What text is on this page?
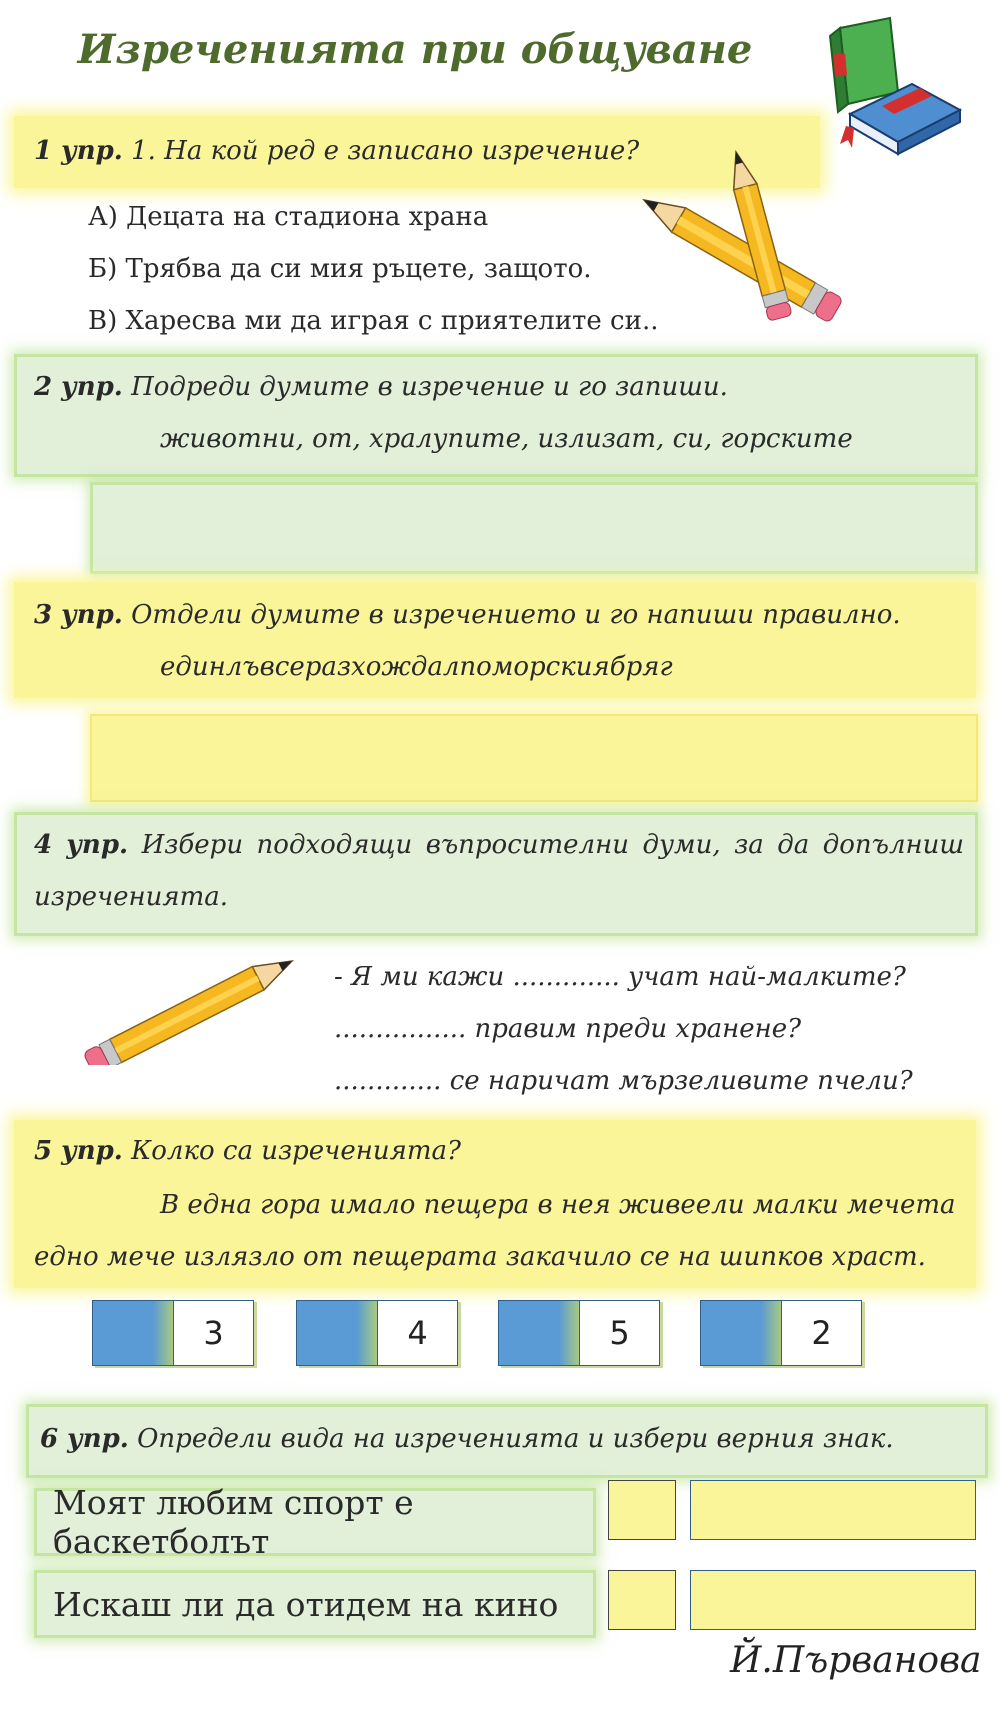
Изреченията при общуване
1 упр. 1. На кой ред е записано изречение?
А) Децата на стадиона храна
Б) Трябва да си мия ръцете, защото.
В) Харесва ми да играя с приятелите си..
2 упр. Подреди думите в изречение и го запиши.
животни, от, хралупите, излизат, си, горските
3 упр. Отдели думите в изречението и го напиши правилно.
единлъвсеразхождалпоморскиябряг
4 упр. Избери подходящи въпросителни думи, за да допълниш
изреченията.
- Я ми кажи ............. учат най-малките?
................ правим преди хранене?
............. се наричат мързеливите пчели?
5 упр. Колко са изреченията?
В една гора имало пещера в нея живеели малки мечета
едно мече излязло от пещерата закачило се на шипков храст.
3	4	5	2
6 упр. Определи вида на изреченията и избери верния знак.
Моят любим спорт е баскетболът
Искаш ли да отидем на кино
Й.Първанова
